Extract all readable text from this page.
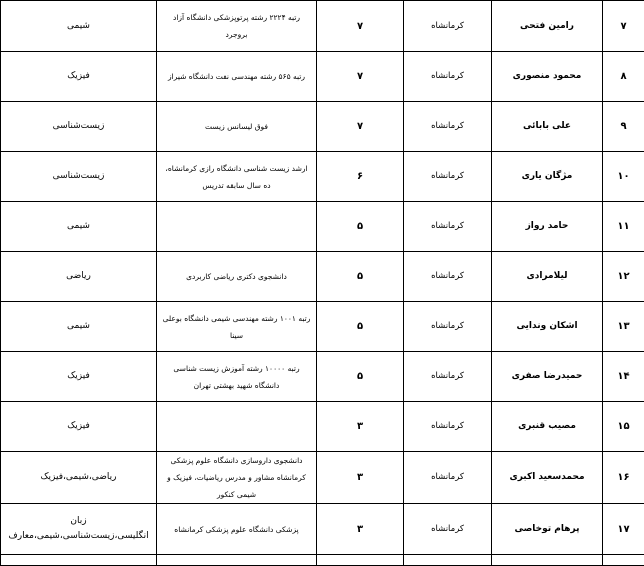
۷	رامین فتحی	کرمانشاه	۷	رتبه ۲۲۲۴ رشته پرتوپزشکی دانشگاه آزاد بروجرد	شیمی
۸	محمود منصوری	کرمانشاه	۷	رتبه ۵۶۵ رشته مهندسی نفت دانشگاه شیراز	فیزیک
۹	علی بابائی	کرمانشاه	۷	فوق لیسانس زیست	زیست‌شناسی
۱۰	مژگان یاری	کرمانشاه	۶	ارشد زیست شناسی دانشگاه رازی کرمانشاه، ده سال سابقه تدریس	زیست‌شناسی
۱۱	حامد رواز	کرمانشاه	۵		شیمی
۱۲	لیلامرادی	کرمانشاه	۵	دانشجوی دکتری ریاضی کاربردی	ریاضی
۱۳	اشکان وندایی	کرمانشاه	۵	رتبه ۱۰۰۱ رشته مهندسی شیمی دانشگاه بوعلی سینا	شیمی
۱۴	حمیدرضا صفری	کرمانشاه	۵	رتبه ۱۰۰۰۰ رشته آموزش زیست شناسی دانشگاه شهید بهشتی تهران	فیزیک
۱۵	مصیب قنبری	کرمانشاه	۳		فیزیک
۱۶	محمدسعید اکبری	کرمانشاه	۳	دانشجوی داروسازی دانشگاه علوم پزشکی کرمانشاه مشاور و مدرس ریاضیات، فیزیک و شیمی کنکور	ریاضی،شیمی،فیزیک
۱۷	پرهام توخاصی	کرمانشاه	۳	پزشکی دانشگاه علوم پزشکی کرمانشاه	زبان انگلیسی،زیست‌شناسی،شیمی،معارف
